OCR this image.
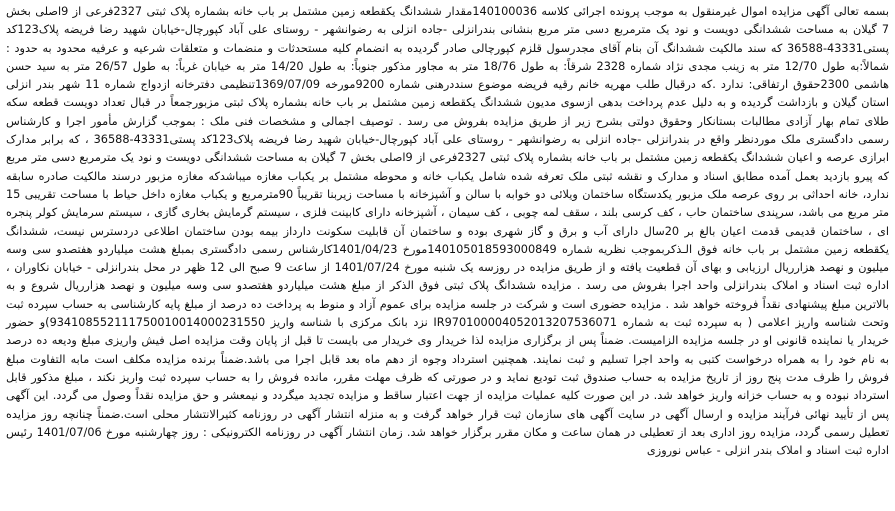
بسمه تعالی آگهی مزایده اموال غیرمنقول به موجب پرونده اجرائی کلاسه 140100036مقدار ششدانگ یکقطعه زمین مشتمل بر باب خانه بشماره پلاک ثبتی 2327فرعی از 9اصلی بخش 7 گیلان به مساحت ششدانگی دویست و نود یک مترمربع دسی متر مربع بنشانی بندرانزلی -جاده انزلی به رضوانشهر - روستای علی آباد کپورچال-خیابان شهید رضا فریضه پلاک123کد پستی43331-36588 که سند مالکیت ششدانگ آن بنام آقای مجدرسول قلزم کپورچالی صادر گردیده به انضمام کلیه مستحدثات و منضمات و متعلقات شرعیه و عرفیه محدود به حدود : شمالاً:به طول 12/70 متر به زینب مجدی نژاد شماره 2328 شرقاً: به طول 18/76 متر به مجاور مذکور جنوباً: به طول 14/20 متر به خیابان غرباً: به طول 26/57 متر به سید حسن هاشمی 2300حقوق ارتفاقی: ندارد .که درقبال طلب مهریه خانم رقیه فریضه موضوع سنددرهنی شماره 9200مورخه 1369/07/09تنظیمی دفترخانه ازدواج شماره 11 شهر بندر انزلی استان گیلان و بازداشت گردیده و به دلیل عدم پرداخت بدهی ازسوی مدیون ششدانگ یکقطعه زمین مشتمل بر باب خانه بشماره پلاک ثبتی مزبورجمعاً در قبال تعداد دویست قطعه سکه طلای تمام بهار آزادی مطالبات بستانکار وحقوق دولتی بشرح زیر از طریق مزایده بفروش می رسد . توصیف اجمالی و مشخصات فنی ملک : بموجب گزارش مأمور اجرا و کارشناس رسمی دادگستری ملک موردنظر واقع در بندرانزلی -جاده انزلی به رضوانشهر - روستای علی آباد کپورچال-خیابان شهید رضا فریضه پلاک123کد پستی43331-36588 ، که برابر مدارک ابرازی عرصه و اعیان ششدانگ یکقطعه زمین مشتمل بر باب خانه بشماره پلاک ثبتی 2327فرعی از 9اصلی بخش 7 گیلان به مساحت ششدانگی دویست و نود یک مترمربع دسی متر مربع که پیرو بازدید بعمل آمده مطابق اسناد و مدارک و نقشه ثبتی ملک تعرفه شده شامل یکباب خانه و محوطه مشتمل بر یکباب مغازه میباشدکه مغازه مزبور درسند مالکیت صادره سابقه ندارد، خانه احداثی بر روی عرصه ملک مزبور یکدستگاه ساختمان ویلائی دو خوابه با سالن و آشپزخانه با مساحت زیربنا تقریباً 90مترمربع و یکباب مغازه داخل حیاط با مساحت تقریبی 15 متر مربع می باشد، سرپندی ساختمان حاب ، کف کرسی بلند ، سقف لمه چوبی ، کف سیمان ، آشپزخانه دارای کابینت فلزی ، سیستم گرمایش بخاری گازی ، سیستم سرمایش کولر پنجره ای ، ساختمان قدیمی قدمت اعیان بالغ بر 20سال دارای آب و برق و گاز شهری بوده و ساختمان آن قابلیت سکونت دارداز بیمه بودن ساختمان اطلاعی دردسترس نیست، ششدانگ یکقطعه زمین مشتمل بر باب خانه فوق الـذکربموجب نظریه شماره 140105018593000849مورخ 1401/04/23کارشناس رسمی دادگستری بمبلغ هشت میلیاردو هفتصدو سی وسه میلیون و نهصد هزارریال ارزیابی و بهای آن قطعیت یافته و از طریق مزایده در روزسه یک شنبه مورخ 1401/07/24 از ساعت 9 صبح الی 12 ظهر در محل بندرانزلی - خیابان نکاوران ، اداره ثبت اسناد و املاک بندرانزلی واحد اجرا بفروش می رسد . مزایده ششدانگ پلاک ثبتی فوق الذکر از مبلغ هشت میلیاردو هفتصدو سی وسه میلیون و نهصد هزارریال شروع و به بالاترین مبلغ پیشنهادی نقداً فروخته خواهد شد . مزایده حضوری است و شرکت در جلسه مزایده برای عموم آزاد و منوط به پرداخت ده درصد از مبلغ پایه کارشناسی به حساب سپرده ثبت وتحت شناسه واریز اعلامی ( به سپرده ثبت به شماره IR970100004052013207536071 نزد بانک مرکزی با شناسه واریز 934108552111750010014000231550)و حضور خریدار یا نماینده قانونی او در جلسه مزایده الزامیست. ضمناً پس از برگزاری مزایده لذا خریدار وی خریدار می بایست تا قبل از پایان وقت مزایده اصل فیش واریزی مبلغ ودیعه ده درصد به نام خود را به همراه درخواست کتبی به واحد اجرا تسلیم و ثبت نمایند. همچنین استرداد وجوه از دهم ماه بعد قابل اجرا می باشد.ضمناً برنده مزایده مکلف است مابه التفاوت مبلغ فروش را ظرف مدت پنج روز از تاریخ مزایده به حساب صندوق ثبت تودیع نماید و در صورتی که ظرف مهلت مقرر، مانده فروش را به حساب سپرده ثبت واریز نکند ، مبلغ مذکور قابل استرداد نبوده و به حساب خزانه واریز خواهد شد. در این صورت کلیه عملیات مزایده از جهت اعتبار ساقط و مزایده تجدید میگردد و نیمعشر و حق مزایده نقداً وصول می گردد. این آگهی پس از تأیید نهائی فرآیند مزایده و ارسال آگهی در سایت آگهی های سازمان ثبت قرار خواهد گرفت و به منزله انتشار آگهی در روزنامه کثیرالانتشار محلی است.ضمناً چنانچه روز مزایده تعطیل رسمی گردد، مزایده روز اداری بعد از تعطیلی در همان ساعت و مکان مقرر برگزار خواهد شد. زمان انتشار آگهی در روزنامه الکترونیکی : روز چهارشنبه مورخ 1401/07/06 رئیس اداره ثبت اسناد و املاک بندر انزلی - عباس نوروزی
